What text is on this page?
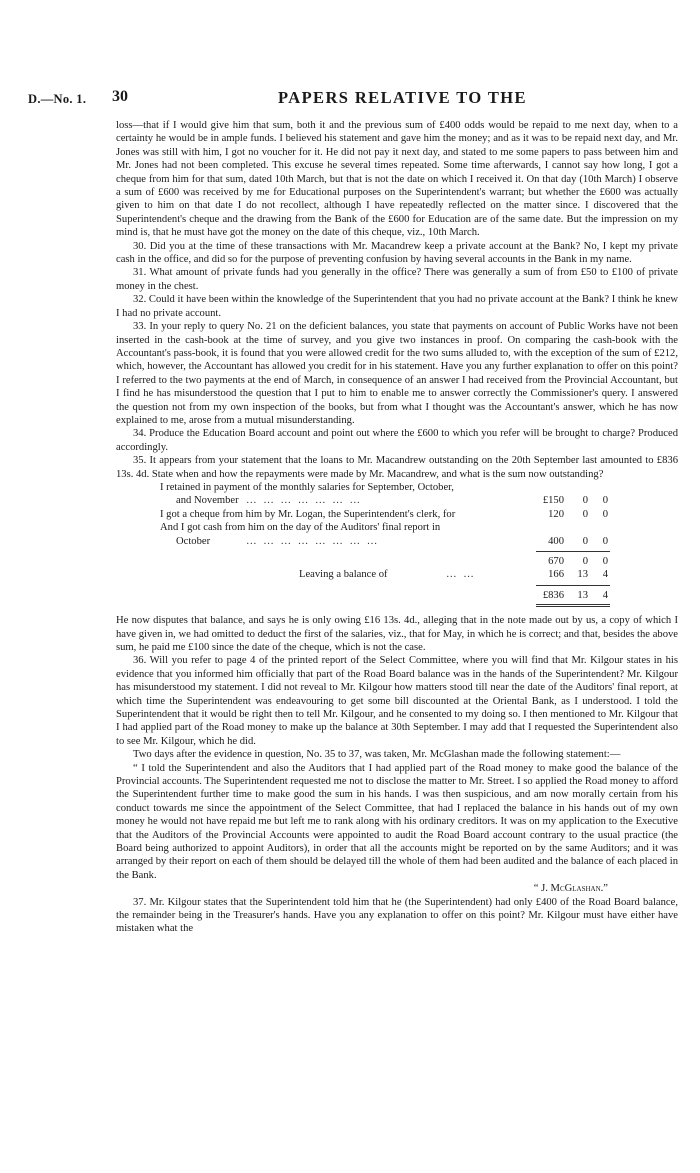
D.—No. 1. 30	PAPERS RELATIVE TO THE

loss—that if I would give him that sum, both it and the previous sum of £400 odds would be repaid to me next day, when to a certainty he would be in ample funds. I believed his statement and gave him the money; and as it was to be repaid next day, and Mr. Jones was still with him, I got no voucher for it. He did not pay it next day, and stated to me some papers to pass between him and Mr. Jones had not been completed. This excuse he several times repeated. Some time afterwards, I cannot say how long, I got a cheque from him for that sum, dated 10th March, but that is not the date on which I received it. On that day (10th March) I observe a sum of £600 was received by me for Educational purposes on the Superintendent's warrant; but whether the £600 was actually given to him on that date I do not recollect, although I have repeatedly reflected on the matter since. I discovered that the Superintendent's cheque and the drawing from the Bank of the £600 for Education are of the same date. But the impression on my mind is, that he must have got the money on the date of this cheque, viz., 10th March.

30. Did you at the time of these transactions with Mr. Macandrew keep a private account at the Bank? No, I kept my private cash in the office, and did so for the purpose of preventing confusion by having several accounts in the Bank in my name.

31. What amount of private funds had you generally in the office? There was generally a sum of from £50 to £100 of private money in the chest.

32. Could it have been within the knowledge of the Superintendent that you had no private account at the Bank? I think he knew I had no private account.

33. In your reply to query No. 21 on the deficient balances, you state that payments on account of Public Works have not been inserted in the cash-book at the time of survey, and you give two instances in proof. On comparing the cash-book with the Accountant's pass-book, it is found that you were allowed credit for the two sums alluded to, with the exception of the sum of £212, which, however, the Accountant has allowed you credit for in his statement. Have you any further explanation to offer on this point? I referred to the two payments at the end of March, in consequence of an answer I had received from the Provincial Accountant, but I find he has misunderstood the question that I put to him to enable me to answer correctly the Commissioner's query. I answered the question not from my own inspection of the books, but from what I thought was the Accountant's answer, which he has now explained to me, arose from a mutual misunderstanding.

34. Produce the Education Board account and point out where the £600 to which you refer will be brought to charge? Produced accordingly.

35. It appears from your statement that the loans to Mr. Macandrew outstanding on the 20th September last amounted to £836 13s. 4d. State when and how the repayments were made by Mr. Macandrew, and what is the sum now outstanding?

I retained in payment of the monthly salaries for September, October,
and November … … … … … … …	£150	0	0
I got a cheque from him by Mr. Logan, the Superintendent's clerk, for	120	0	0
And I got cash from him on the day of the Auditors' final report in
October	… … … … … … … …	400	0	0
670	0	0
Leaving a balance of	… …	166	13	4
£836	13	4

He now disputes that balance, and says he is only owing £16 13s. 4d., alleging that in the note made out by us, a copy of which I have given in, we had omitted to deduct the first of the salaries, viz., that for May, in which he is correct; and that, besides the above sum, he paid me £100 since the date of the cheque, which is not the case.

36. Will you refer to page 4 of the printed report of the Select Committee, where you will find that Mr. Kilgour states in his evidence that you informed him officially that part of the Road Board balance was in the hands of the Superintendent? Mr. Kilgour has misunderstood my statement. I did not reveal to Mr. Kilgour how matters stood till near the date of the Auditors' final report, at which time the Superintendent was endeavouring to get some bill discounted at the Oriental Bank, as I understood. I told the Superintendent that it would be right then to tell Mr. Kilgour, and he consented to my doing so. I then mentioned to Mr. Kilgour that I had applied part of the Road money to make up the balance at 30th September. I may add that I requested the Superintendent also to see Mr. Kilgour, which he did.

Two days after the evidence in question, No. 35 to 37, was taken, Mr. McGlashan made the following statement:—

“ I told the Superintendent and also the Auditors that I had applied part of the Road money to make good the balance of the Provincial accounts. The Superintendent requested me not to disclose the matter to Mr. Street. I so applied the Road money to afford the Superintendent further time to make good the sum in his hands. I was then suspicious, and am now morally certain from his conduct towards me since the appointment of the Select Committee, that had I replaced the balance in his hands out of my own money he would not have repaid me but left me to rank along with his ordinary creditors. It was on my application to the Executive that the Auditors of the Provincial Accounts were appointed to audit the Road Board account contrary to the usual practice (the Board being authorized to appoint Auditors), in order that all the accounts might be reported on by the same Auditors; and it was arranged by their report on each of them should be delayed till the whole of them had been audited and the balance of each placed in the Bank.

“ J. McGlashan.”

37. Mr. Kilgour states that the Superintendent told him that he (the Superintendent) had only £400 of the Road Board balance, the remainder being in the Treasurer's hands. Have you any explanation to offer on this point? Mr. Kilgour must have either have mistaken what the
